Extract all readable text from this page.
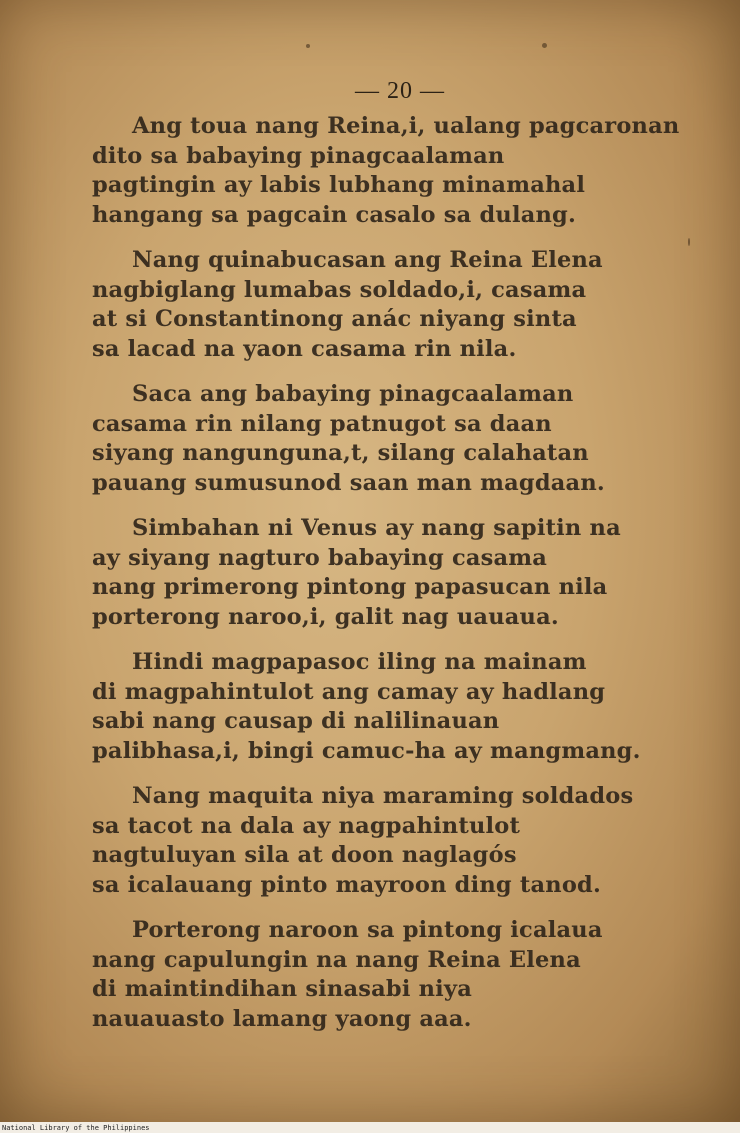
— 20 —
Ang toua nang Reina,i, ualang pagcaronan
dito sa babaying pinagcaalaman
pagtingin ay labis lubhang minamahal
hangang sa pagcain casalo sa dulang.
Nang quinabucasan ang Reina Elena
nagbiglang lumabas soldado,i, casama
at si Constantinong anác niyang sinta
sa lacad na yaon casama rin nila.
Saca ang babaying pinagcaalaman
casama rin nilang patnugot sa daan
siyang nangunguna,t, silang calahatan
pauang sumusunod saan man magdaan.
Simbahan ni Venus ay nang sapitin na
ay siyang nagturo babaying casama
nang primerong pintong papasucan nila
porterong naroo,i, galit nag uauaua.
Hindi magpapasoc iling na mainam
di magpahintulot ang camay ay hadlang
sabi nang causap di nalilinauan
palibhasa,i, bingi camuc-ha ay mangmang.
Nang maquita niya maraming soldados
sa tacot na dala ay nagpahintulot
nagtuluyan sila at doon naglagós
sa icalauang pinto mayroon ding tanod.
Porterong naroon sa pintong icalaua
nang capulungin na nang Reina Elena
di maintindihan sinasabi niya
nauauasto lamang yaong aaa.
National Library of the Philippines
